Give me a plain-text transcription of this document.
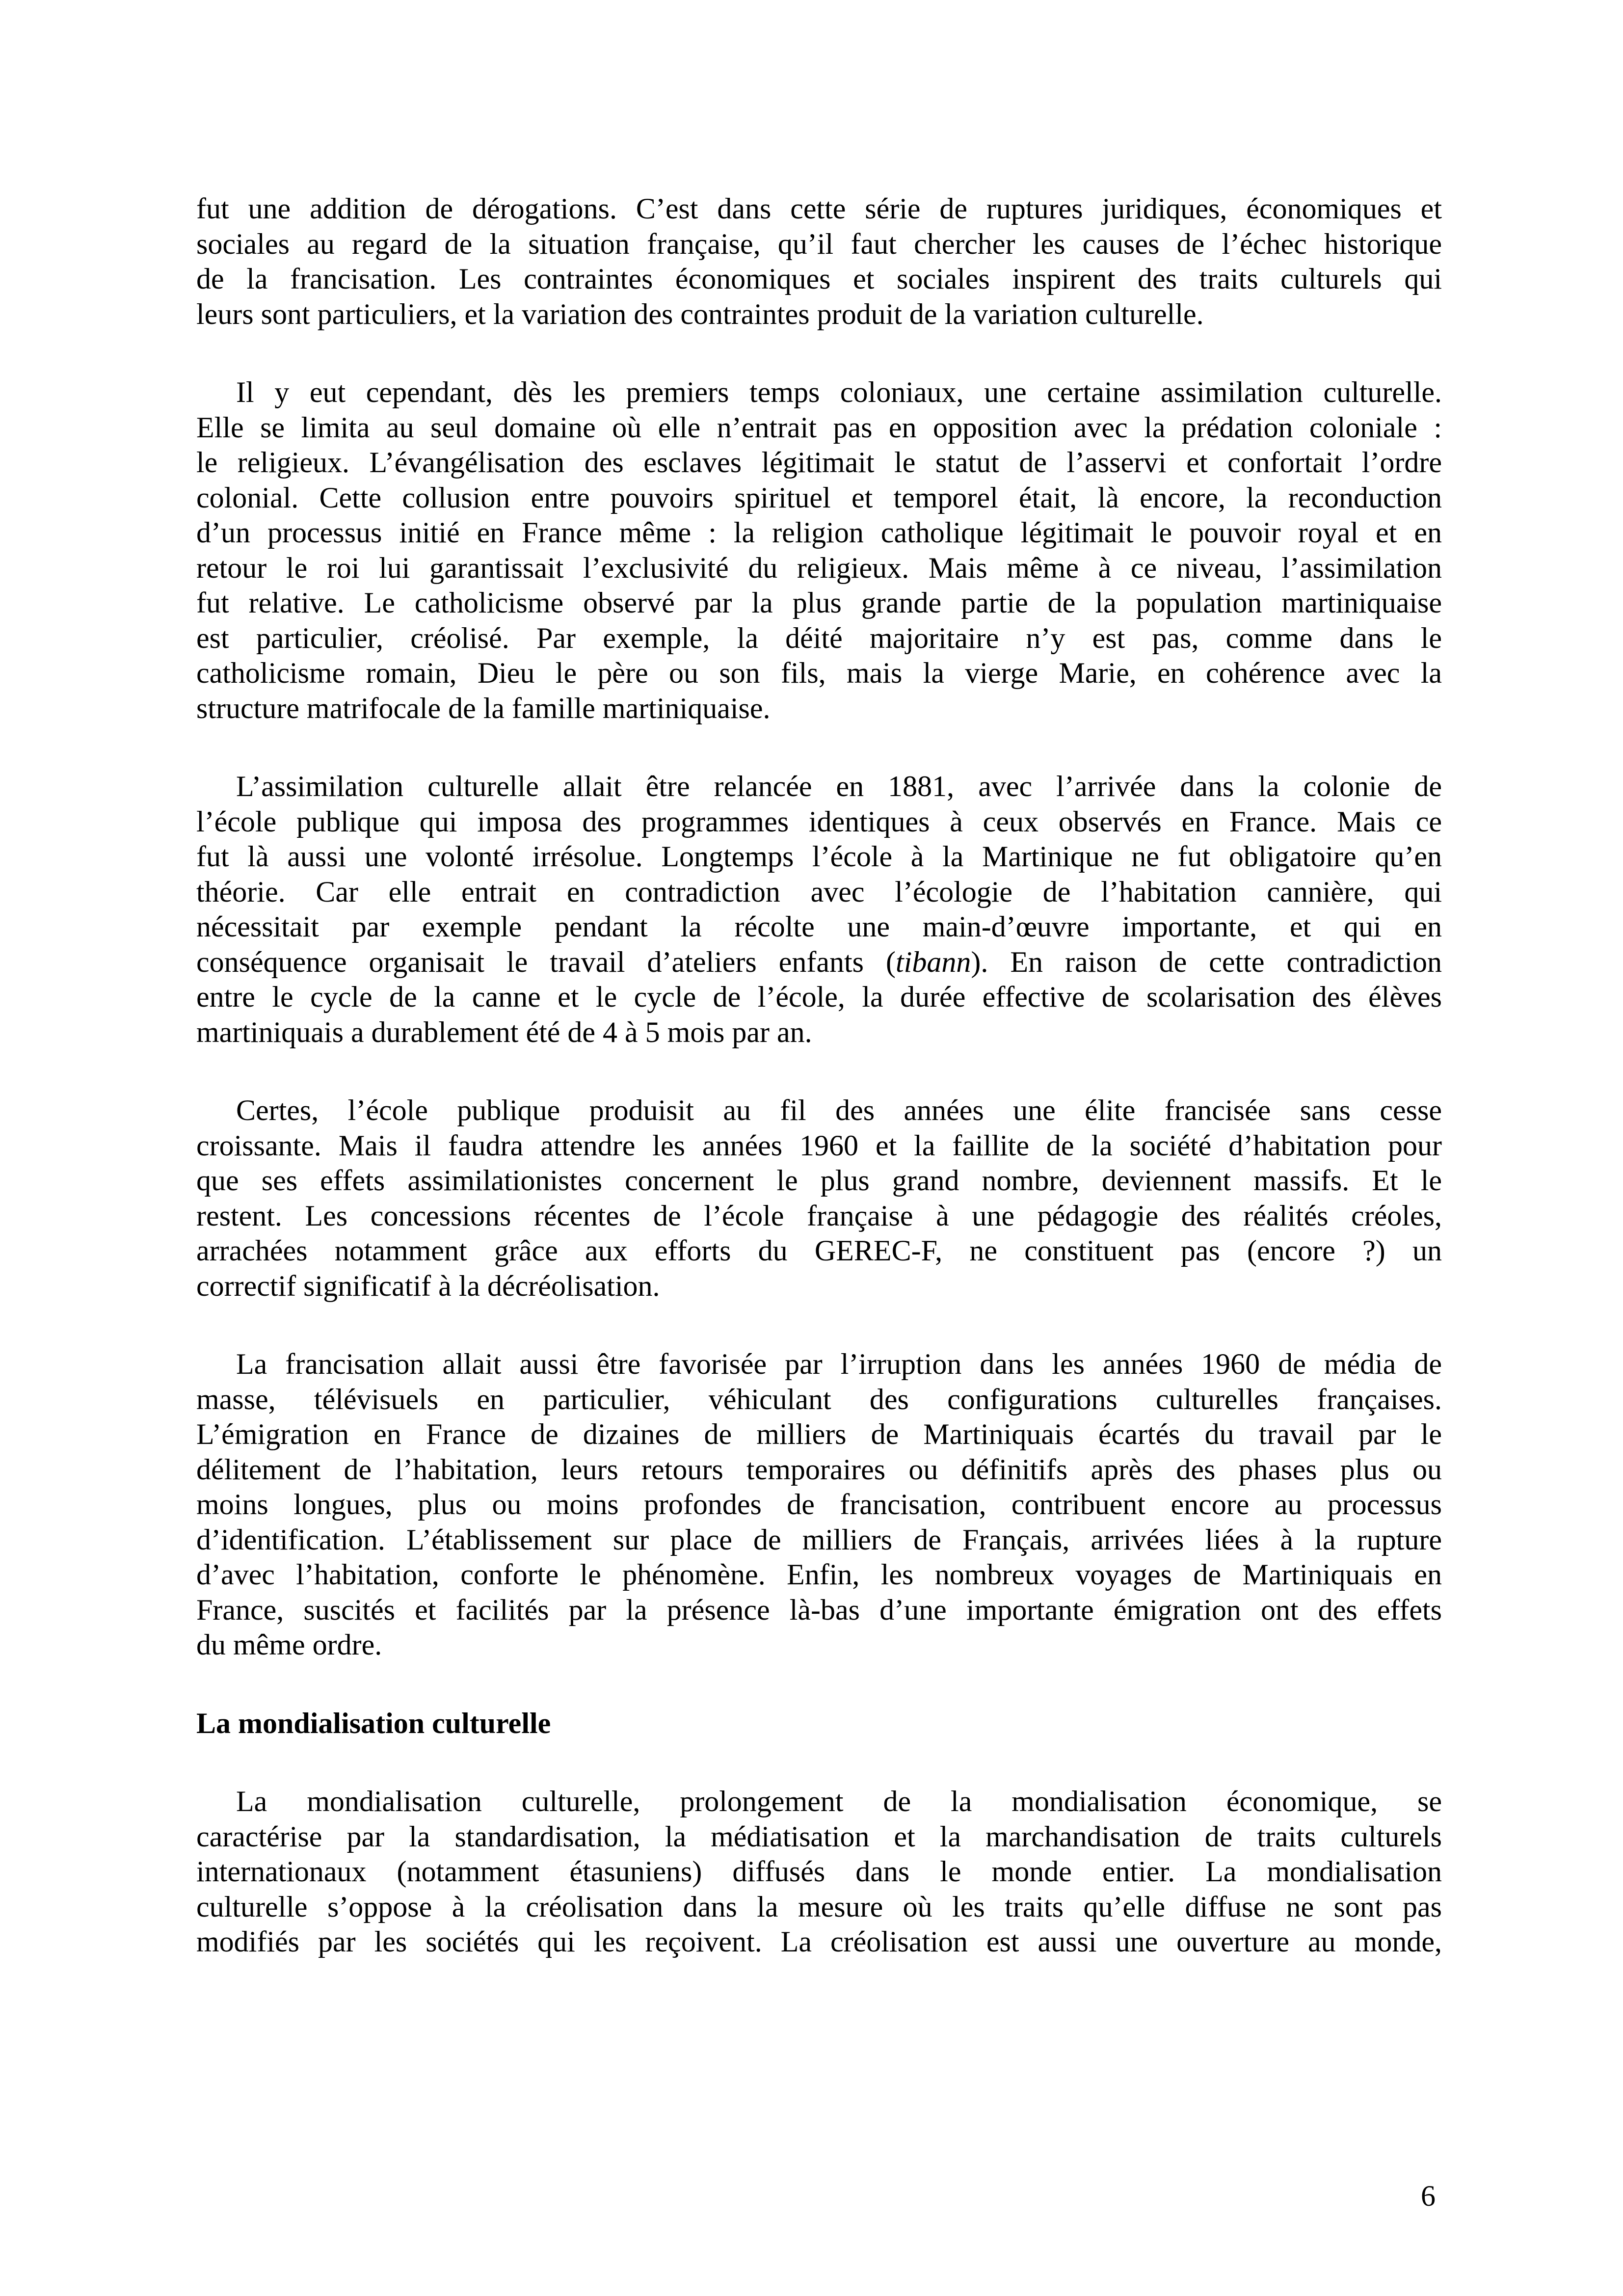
fut une addition de dérogations. C’est dans cette série de ruptures juridiques, économiques et
sociales au regard de la situation française, qu’il faut chercher les causes de l’échec historique
de la francisation. Les contraintes économiques et sociales inspirent des traits culturels qui
leurs sont particuliers, et la variation des contraintes produit de la variation culturelle.
Il y eut cependant, dès les premiers temps coloniaux, une certaine assimilation culturelle.
Elle se limita au seul domaine où elle n’entrait pas en opposition avec la prédation coloniale :
le religieux. L’évangélisation des esclaves légitimait le statut de l’asservi et confortait l’ordre
colonial. Cette collusion entre pouvoirs spirituel et temporel était, là encore, la reconduction
d’un processus initié en France même : la religion catholique légitimait le pouvoir royal et en
retour le roi lui garantissait l’exclusivité du religieux. Mais même à ce niveau, l’assimilation
fut relative. Le catholicisme observé par la plus grande partie de la population martiniquaise
est particulier, créolisé. Par exemple, la déité majoritaire n’y est pas, comme dans le
catholicisme romain, Dieu le père ou son fils, mais la vierge Marie, en cohérence avec la
structure matrifocale de la famille martiniquaise.
L’assimilation culturelle allait être relancée en 1881, avec l’arrivée dans la colonie de
l’école publique qui imposa des programmes identiques à ceux observés en France. Mais ce
fut là aussi une volonté irrésolue. Longtemps l’école à la Martinique ne fut obligatoire qu’en
théorie. Car elle entrait en contradiction avec l’écologie de l’habitation cannière, qui
nécessitait par exemple pendant la récolte une main-d’œuvre importante, et qui en
conséquence organisait le travail d’ateliers enfants (tibann). En raison de cette contradiction
entre le cycle de la canne et le cycle de l’école, la durée effective de scolarisation des élèves
martiniquais a durablement été de 4 à 5 mois par an.
Certes, l’école publique produisit au fil des années une élite francisée sans cesse
croissante. Mais il faudra attendre les années 1960 et la faillite de la société d’habitation pour
que ses effets assimilationistes concernent le plus grand nombre, deviennent massifs. Et le
restent. Les concessions récentes de l’école française à une pédagogie des réalités créoles,
arrachées notamment grâce aux efforts du GEREC-F, ne constituent pas (encore ?) un
correctif significatif à la décréolisation.
La francisation allait aussi être favorisée par l’irruption dans les années 1960 de média de
masse, télévisuels en particulier, véhiculant des configurations culturelles françaises.
L’émigration en France de dizaines de milliers de Martiniquais écartés du travail par le
délitement de l’habitation, leurs retours temporaires ou définitifs après des phases plus ou
moins longues, plus ou moins profondes de francisation, contribuent encore au processus
d’identification. L’établissement sur place de milliers de Français, arrivées liées à la rupture
d’avec l’habitation, conforte le phénomène. Enfin, les nombreux voyages de Martiniquais en
France, suscités et facilités par la présence là-bas d’une importante émigration ont des effets
du même ordre.
La mondialisation culturelle
La mondialisation culturelle, prolongement de la mondialisation économique, se
caractérise par la standardisation, la médiatisation et la marchandisation de traits culturels
internationaux (notamment étasuniens) diffusés dans le monde entier. La mondialisation
culturelle s’oppose à la créolisation dans la mesure où les traits qu’elle diffuse ne sont pas
modifiés par les sociétés qui les reçoivent. La créolisation est aussi une ouverture au monde,
6
